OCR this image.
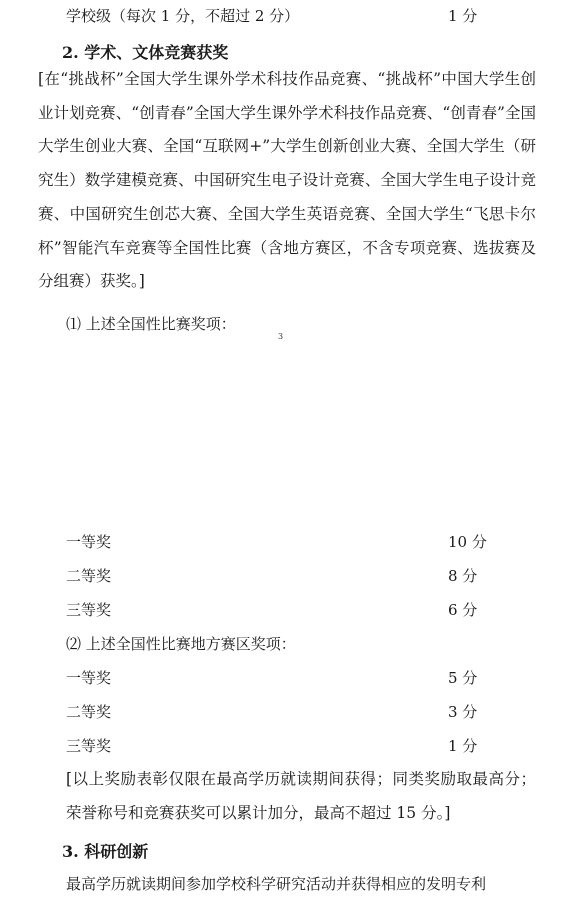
学校级（每次 1 分，不超过 2 分）	1 分
2. 学术、文体竞赛获奖
[在“挑战杯”全国大学生课外学术科技作品竞赛、“挑战杯”中国大学生创业计划竞赛、“创青春”全国大学生课外学术科技作品竞赛、“创青春”全国大学生创业大赛、全国“互联网+”大学生创新创业大赛、全国大学生（研究生）数学建模竞赛、中国研究生电子设计竞赛、全国大学生电子设计竞赛、中国研究生创芯大赛、全国大学生英语竞赛、全国大学生“飞思卡尔杯”智能汽车竞赛等全国性比赛（含地方赛区，不含专项竞赛、选拔赛及分组赛）获奖。]
⑴ 上述全国性比赛奖项：
3
一等奖	10 分
二等奖	8 分
三等奖	6 分
⑵ 上述全国性比赛地方赛区奖项：
一等奖	5 分
二等奖	3 分
三等奖	1 分
[以上奖励表彰仅限在最高学历就读期间获得；同类奖励取最高分；荣誉称号和竞赛获奖可以累计加分，最高不超过 15 分。]
3. 科研创新
最高学历就读期间参加学校科学研究活动并获得相应的发明专利
